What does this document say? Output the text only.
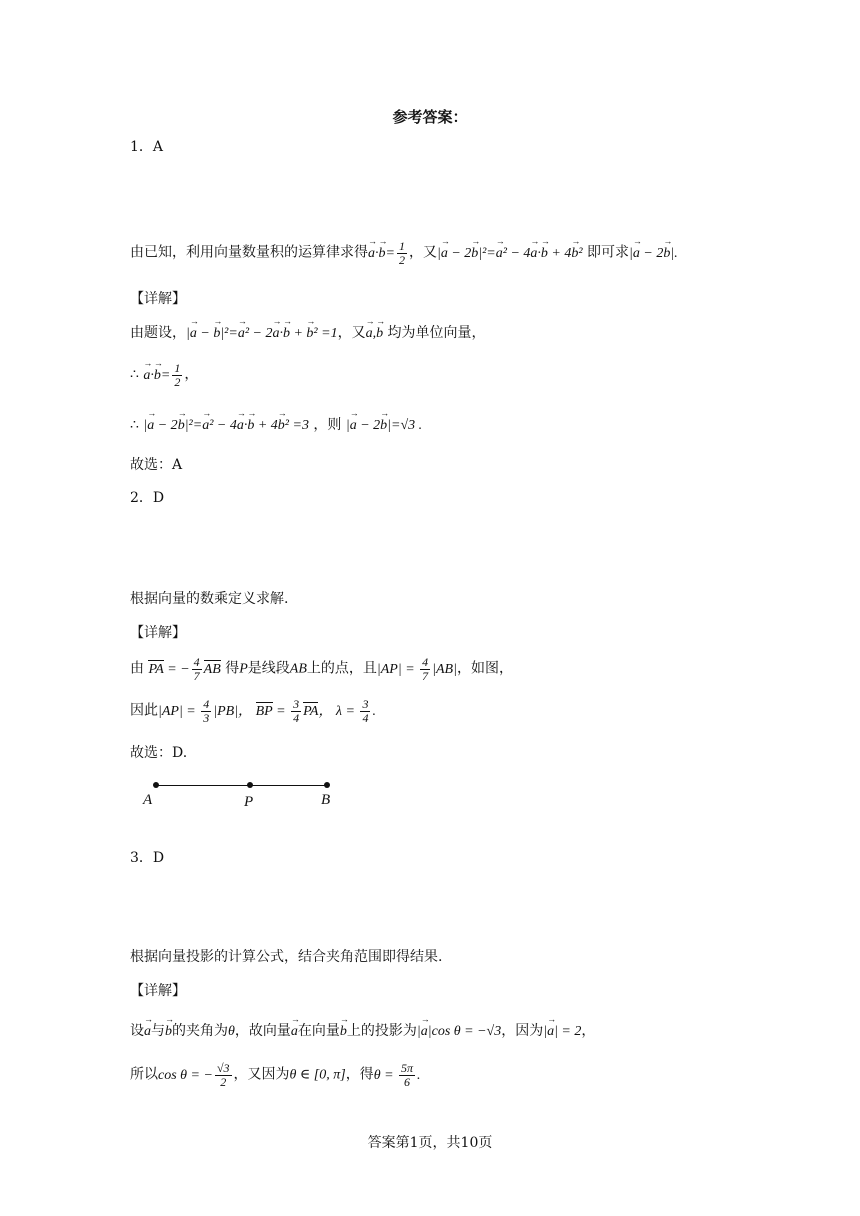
参考答案：
1．A
由已知，利用向量数量积的运算律求得→ $a\cdot\to b= \frac{1}{2}$ ，又|→ a − 2→ b|²=→ a² − 4→ a·→ b + 4→ b² 即可求|→ a − 2→ b|.
【详解】
由题设，|→ a − → b|²=→ a² − 2→ a·→ b + → b² =1，又→ a,→ b 均为单位向量，
∴ → $a\cdot\to b= \frac{1}{2}$ ，
∴ |→ a − 2→ b|²=→ a² − 4→ a·→ b + 4→ b² =3 ，则 |→ a − 2→ b|=√3 .
故选：A
2．D
根据向量的数乘定义求解.
【详解】
由 PA = − $\frac{4}{7}$ AB 得P是线段AB上的点，且$|AP| = \frac{4}{7} |AB|$，如图，
因此$|AP| = \frac{4}{3} |PB|$， BP = $\frac{3}{4}$ PA， $\lambda = \frac{3}{4}$ .
故选：D.
A	P	B
3．D
根据向量投影的计算公式，结合夹角范围即得结果.
【详解】
设→ a与→ b的夹角为θ，故向量→ a在向量→ b上的投影为|→ a|cos θ = −√3，因为|→ a| = 2，
所以cos θ = − $\frac{√3}{2}$ ，又因为θ ∈ [0, π]，得$\theta = \frac{5\pi}{6}$ .
答案第1页，共10页
